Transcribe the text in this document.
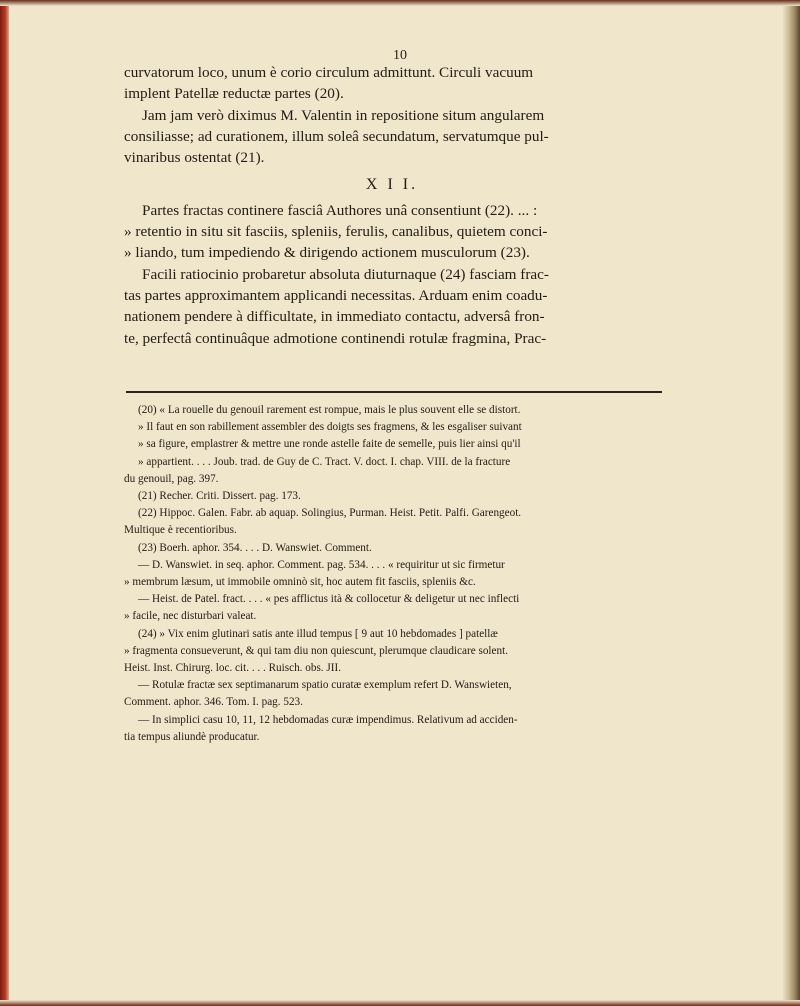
10

curvatorum loco, unum è corio circulum admittunt. Circuli vacuum
implent Patellæ reductæ partes (20).

Jam jam verò diximus M. Valentin in repositione situm angularem
consiliasse; ad curationem, illum soleâ secundatum, servatumque pul-
vinaribus ostentat (21).

X I I.

Partes fractas continere fasciâ Authores unâ consentiunt (22). ... :
» retentio in situ sit fasciis, spleniis, ferulis, canalibus, quietem conci-
» liando, tum impediendo & dirigendo actionem musculorum (23).

Facili ratiocinio probaretur absoluta diuturnaque (24) fasciam frac-
tas partes approximantem applicandi necessitas. Arduam enim coadu-
nationem pendere à difficultate, in immediato contactu, adversâ fron-
te, perfectâ continuâque admotione continendi rotulæ fragmina, Prac-

(20) « La rouelle du genouil rarement est rompue, mais le plus souvent elle se distort.
» Il faut en son rabillement assembler des doigts ses fragmens, & les esgaliser suivant
» sa figure, emplastrer & mettre une ronde astelle faite de semelle, puis lier ainsi qu'il
» appartient. . . . Joub. trad. de Guy de C. Tract. V. doct. I. chap. VIII. de la fracture
du genouil, pag. 397.
(21) Recher. Criti. Dissert. pag. 173.
(22) Hippoc. Galen. Fabr. ab aquap. Solingius, Purman. Heist. Petit. Palfi. Garengeot.
Multique è recentioribus.
(23) Boerh. aphor. 354. . . . D. Wanswiet. Comment.
— D. Wanswiet. in seq. aphor. Comment. pag. 534. . . . « requiritur ut sic firmetur
» membrum læsum, ut immobile omninò sit, hoc autem fit fasciis, spleniis &c.
— Heist. de Patel. fract. . . . « pes afflictus ità & collocetur & deligetur ut nec inflecti
» facile, nec disturbari valeat.
(24) » Vix enim glutinari satis ante illud tempus [ 9 aut 10 hebdomades ] patellæ
» fragmenta consueverunt, & qui tam diu non quiescunt, plerumque claudicare solent.
Heist. Inst. Chirurg. loc. cit. . . . Ruisch. obs. JII.
— Rotulæ fractæ sex septimanarum spatio curatæ exemplum refert D. Wanswieten,
Comment. aphor. 346. Tom. I. pag. 523.
— In simplici casu 10, 11, 12 hebdomadas curæ impendimus. Relativum ad acciden-
tia tempus aliundè producatur.
